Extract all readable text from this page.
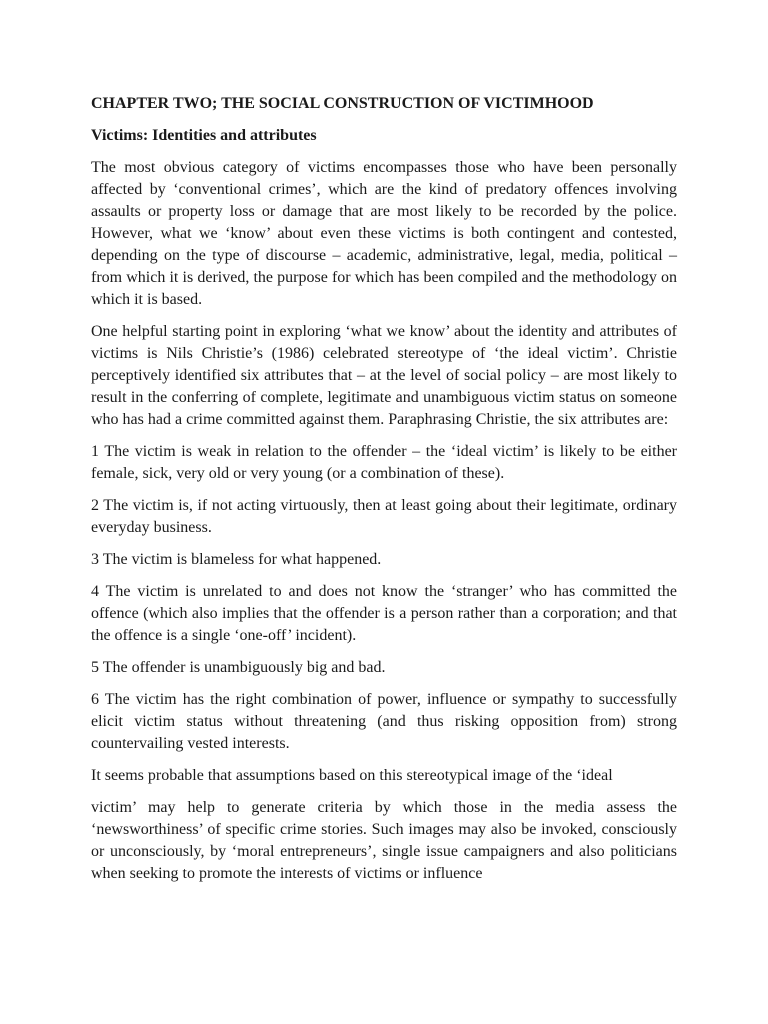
CHAPTER TWO; THE SOCIAL CONSTRUCTION OF VICTIMHOOD
Victims: Identities and attributes

The most obvious category of victims encompasses those who have been personally affected by ‘conventional crimes’, which are the kind of predatory offences involving assaults or property loss or damage that are most likely to be recorded by the police. However, what we ‘know’ about even these victims is both contingent and contested, depending on the type of discourse – academic, administrative, legal, media, political – from which it is derived, the purpose for which has been compiled and the methodology on which it is based.

One helpful starting point in exploring ‘what we know’ about the identity and attributes of victims is Nils Christie’s (1986) celebrated stereotype of ‘the ideal victim’. Christie perceptively identified six attributes that – at the level of social policy – are most likely to result in the conferring of complete, legitimate and unambiguous victim status on someone who has had a crime committed against them. Paraphrasing Christie, the six attributes are:

1 The victim is weak in relation to the offender – the ‘ideal victim’ is likely to be either female, sick, very old or very young (or a combination of these).

2 The victim is, if not acting virtuously, then at least going about their legitimate, ordinary everyday business.

3 The victim is blameless for what happened.

4 The victim is unrelated to and does not know the ‘stranger’ who has committed the offence (which also implies that the offender is a person rather than a corporation; and that the offence is a single ‘one-off’ incident).

5 The offender is unambiguously big and bad.

6 The victim has the right combination of power, influence or sympathy to successfully elicit victim status without threatening (and thus risking opposition from) strong countervailing vested interests.

It seems probable that assumptions based on this stereotypical image of the ‘ideal

victim’ may help to generate criteria by which those in the media assess the ‘newsworthiness’ of specific crime stories. Such images may also be invoked, consciously or unconsciously, by ‘moral entrepreneurs’, single issue campaigners and also politicians when seeking to promote the interests of victims or influence
